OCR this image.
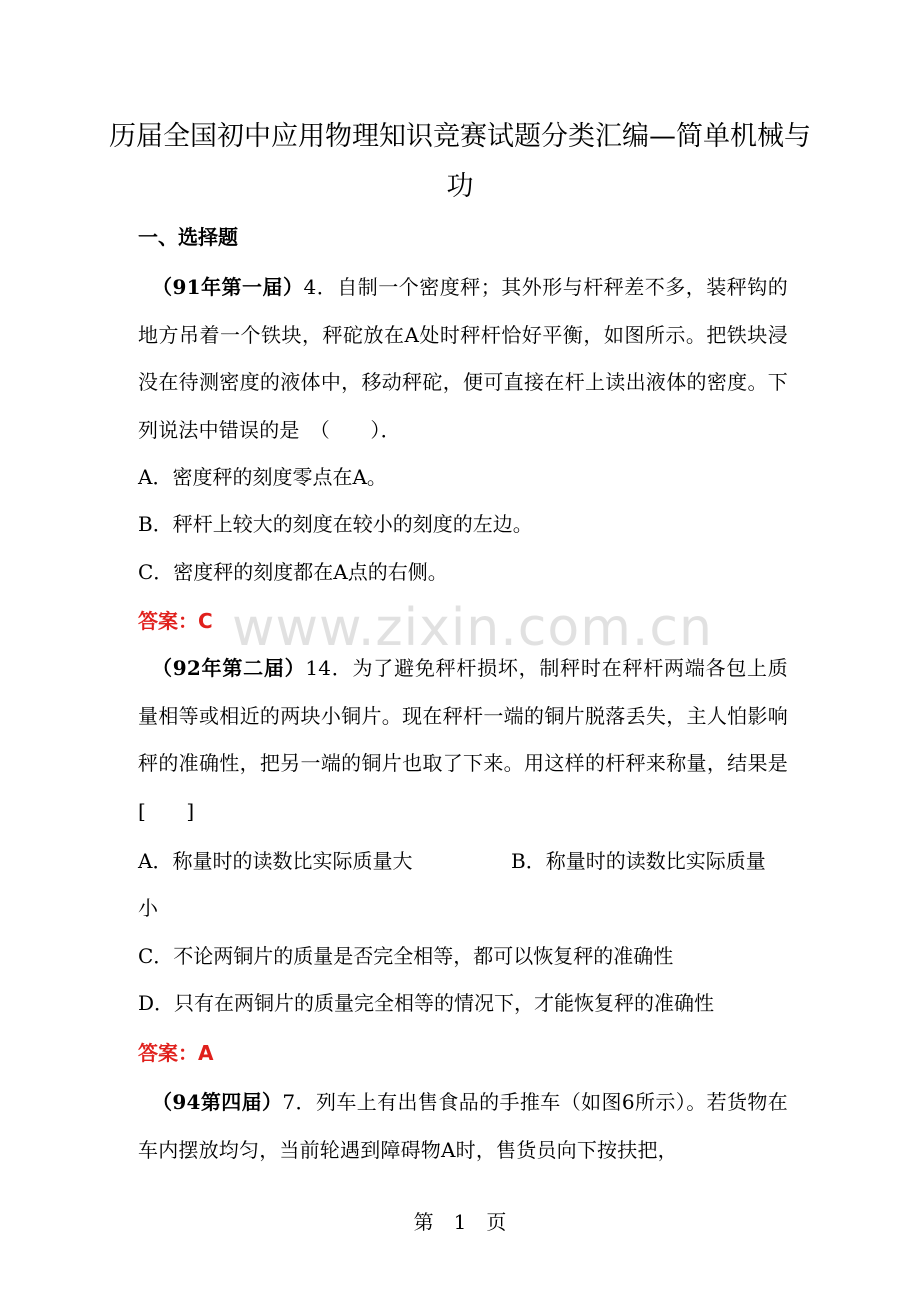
历届全国初中应用物理知识竞赛试题分类汇编—简单机械与功
一、选择题
（91年第一届）4．自制一个密度秤；其外形与杆秤差不多，装秤钩的地方吊着一个铁块，秤砣放在A处时秤杆恰好平衡，如图所示。把铁块浸没在待测密度的液体中，移动秤砣，便可直接在杆上读出液体的密度。下列说法中错误的是　（　　）．
A．密度秤的刻度零点在A。
B．秤杆上较大的刻度在较小的刻度的左边。
C．密度秤的刻度都在A点的右侧。
答案：C
（92年第二届）14．为了避免秤杆损坏，制秤时在秤杆两端各包上质量相等或相近的两块小铜片。现在秤杆一端的铜片脱落丢失，主人怕影响秤的准确性，把另一端的铜片也取了下来。用这样的杆秤来称量，结果是　[　　]
A．称量时的读数比实际质量大	B．称量时的读数比实际质量
小
C．不论两铜片的质量是否完全相等，都可以恢复秤的准确性
D．只有在两铜片的质量完全相等的情况下，才能恢复秤的准确性
答案：A
（94第四届）7．列车上有出售食品的手推车（如图6所示）。若货物在车内摆放均匀，当前轮遇到障碍物A时，售货员向下按扶把，
www.zixin.com.cn
第　1　页
